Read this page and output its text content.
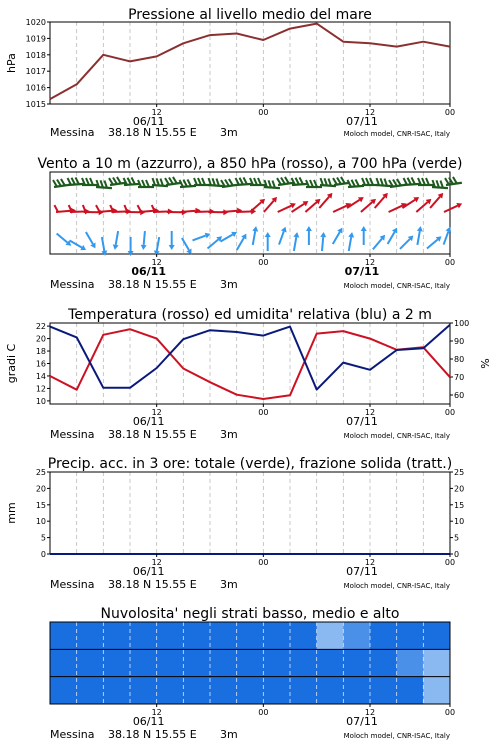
Pressione al livello medio del mare
1015
1016
1017
1018
1019
1020
hPa
12	00	12	00
06/11	07/11
Messina 38.18 N 15.55 E 3m	Moloch model, CNR-ISAC, Italy
Vento a 10 m (azzurro), a 850 hPa (rosso), a 700 hPa (verde)
12	00	12	00
06/11	07/11
Messina 38.18 N 15.55 E 3m	Moloch model, CNR-ISAC, Italy
Temperatura (rosso) ed umidita' relativa (blu) a 2 m
10
12
14
16
18
20
22
60
70
80
90
100
gradi C	%
12	00	12	00
06/11	07/11
Messina 38.18 N 15.55 E 3m	Moloch model, CNR-ISAC, Italy
Precip. acc. in 3 ore: totale (verde), frazione solida (tratt.)
0
5
10
15
20
25
0
5
10
15
20
25
mm
12	00	12	00
06/11	07/11
Messina 38.18 N 15.55 E 3m	Moloch model, CNR-ISAC, Italy
Nuvolosita' negli strati basso, medio e alto
12	00	12	00
06/11	07/11
Messina 38.18 N 15.55 E 3m	Moloch model, CNR-ISAC, Italy
